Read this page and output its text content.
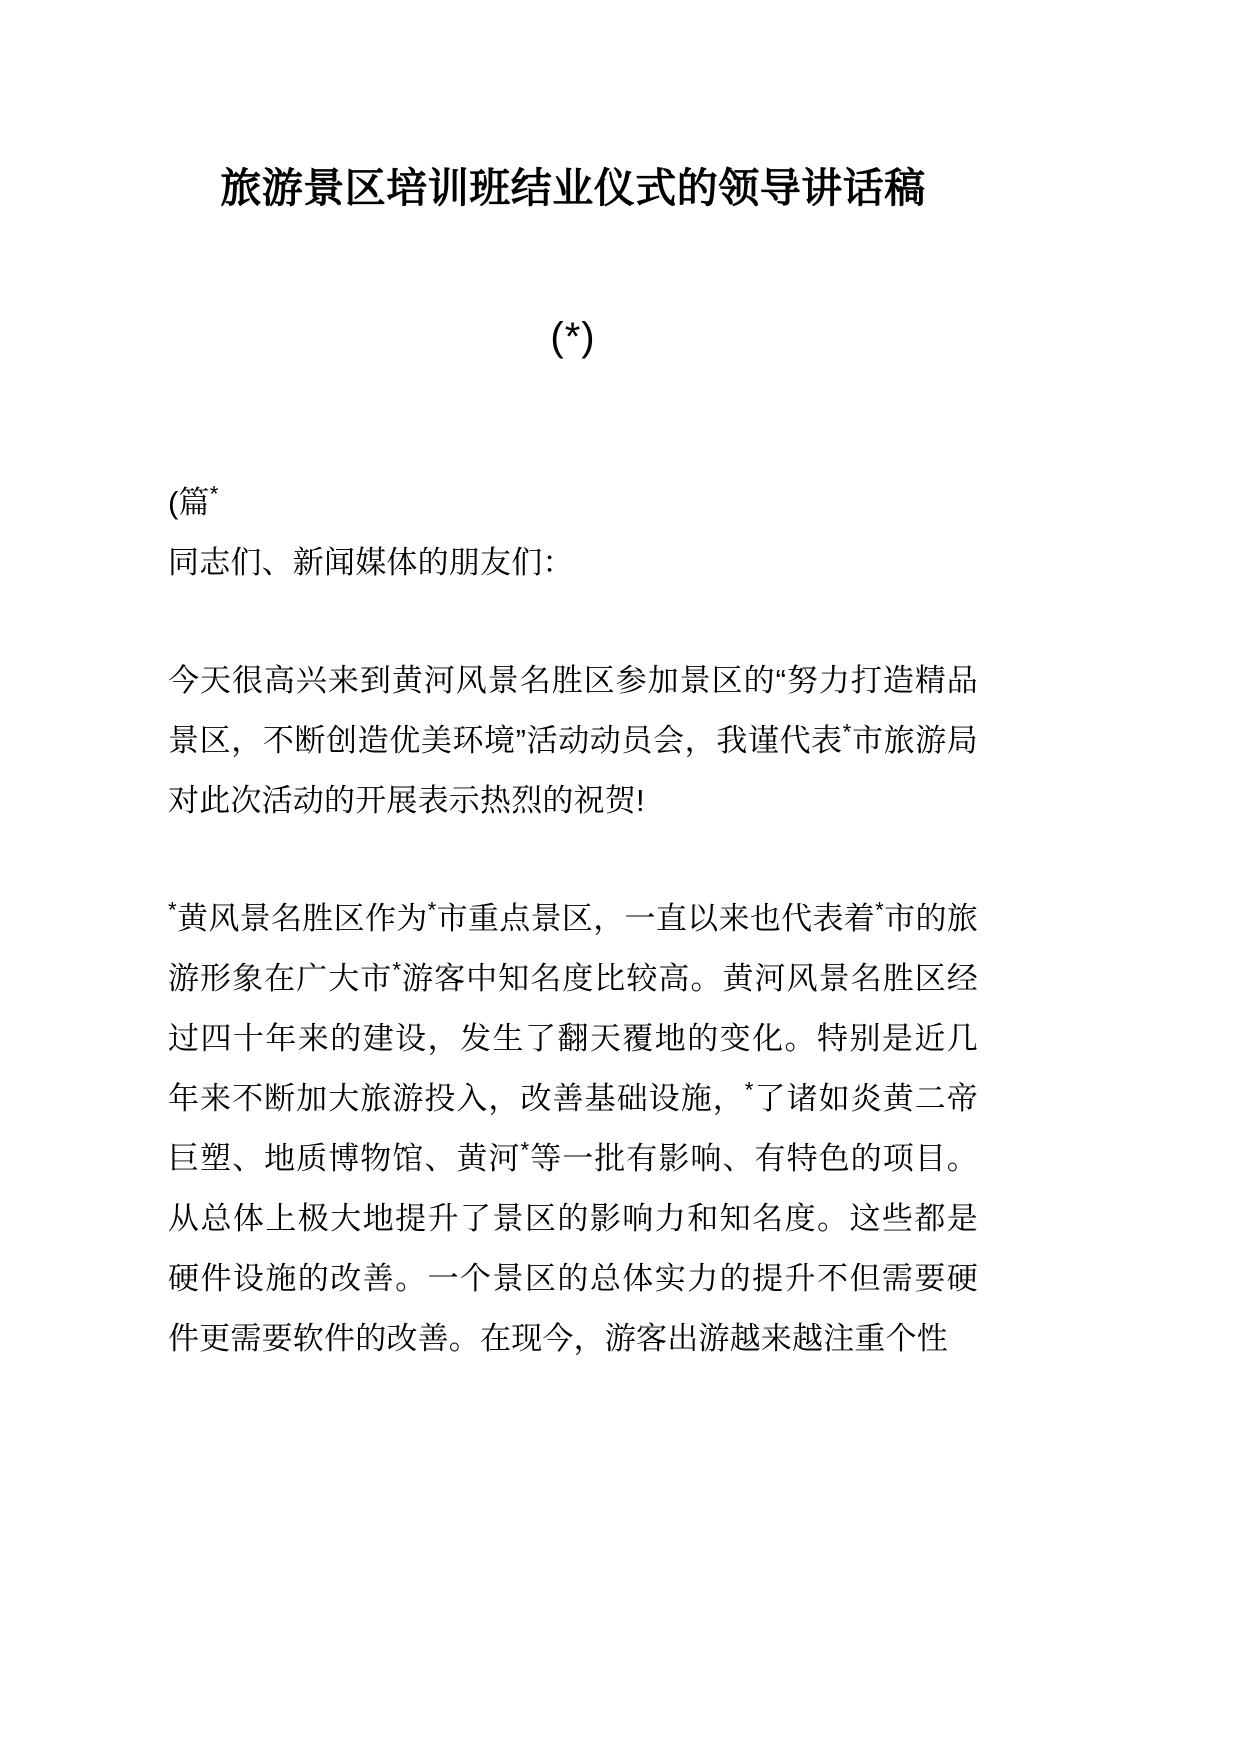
旅游景区培训班结业仪式的领导讲话稿

(*)

(篇*

同志们、新闻媒体的朋友们：

今天很高兴来到黄河风景名胜区参加景区的“努力打造精品景区，不断创造优美环境”活动动员会，我谨代表*市旅游局对此次活动的开展表示热烈的祝贺!

*黄风景名胜区作为*市重点景区，一直以来也代表着*市的旅游形象在广大市*游客中知名度比较高。黄河风景名胜区经过四十年来的建设，发生了翻天覆地的变化。特别是近几年来不断加大旅游投入，改善基础设施，*了诸如炎黄二帝巨塑、地质博物馆、黄河*等一批有影响、有特色的项目。从总体上极大地提升了景区的影响力和知名度。这些都是硬件设施的改善。一个景区的总体实力的提升不但需要硬件更需要软件的改善。在现今，游客出游越来越注重个性
